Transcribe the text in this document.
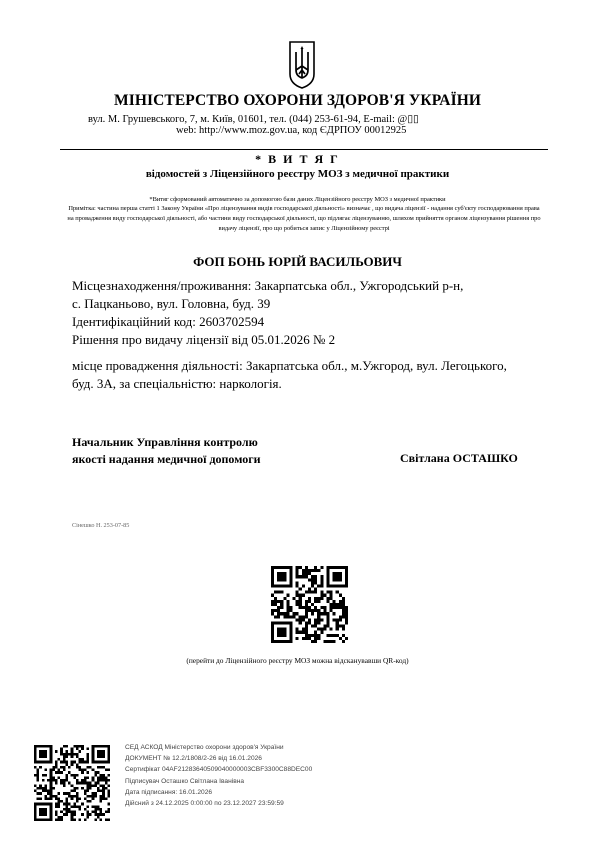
МІНІСТЕРСТВО ОХОРОНИ ЗДОРОВ'Я УКРАЇНИ
вул. М. Грушевського, 7, м. Київ, 01601, тел. (044) 253-61-94, E-mail: @▯▯
web: http://www.moz.gov.ua, код ЄДРПОУ 00012925
* В И Т Я Г
відомостей з Ліцензійного реєстру МОЗ з медичної практики
*Витяг сформований автоматично за допомогою бази даних Ліцензійного реєстру МОЗ з медичної практики
Примітка: частина перша статті 1 Закону України «Про ліцензування видів господарської діяльності» визначає , що видача ліцензії - надання суб'єкту господарювання права на провадження виду господарської діяльності, або частини виду господарської діяльності, що підлягає ліцензуванню, шляхом прийняття органом ліцензування рішення про видачу ліцензії, про що робиться запис у Ліцензійному реєстрі
ФОП БОНЬ ЮРІЙ ВАСИЛЬОВИЧ
Місцезнаходження/проживання: Закарпатська обл., Ужгородський р-н,
с. Пацканьово, вул. Головна, буд. 39
Ідентифікаційний код: 2603702594
Рішення про видачу ліцензії від 05.01.2026 № 2
місце провадження діяльності: Закарпатська обл., м.Ужгород, вул. Легоцького,
буд. 3А, за спеціальністю: наркологія.
Начальник Управління контролю
якості надання медичної допомоги	Світлана ОСТАШКО
Сінешко Н. 253-07-85
(перейти до Ліцензійного реєстру МОЗ можна відсканувавши QR-код)
СЕД АСКОД Міністерство охорони здоров'я України
ДОКУМЕНТ № 12.2/1808/2-26 від 16.01.2026
Сертифікат 04AF21283640509040000003CBF3300C88DEC00
Підписувач Осташко Світлана Іванівна
Дата підписання: 16.01.2026
Дійсний з 24.12.2025 0:00:00 по 23.12.2027 23:59:59
